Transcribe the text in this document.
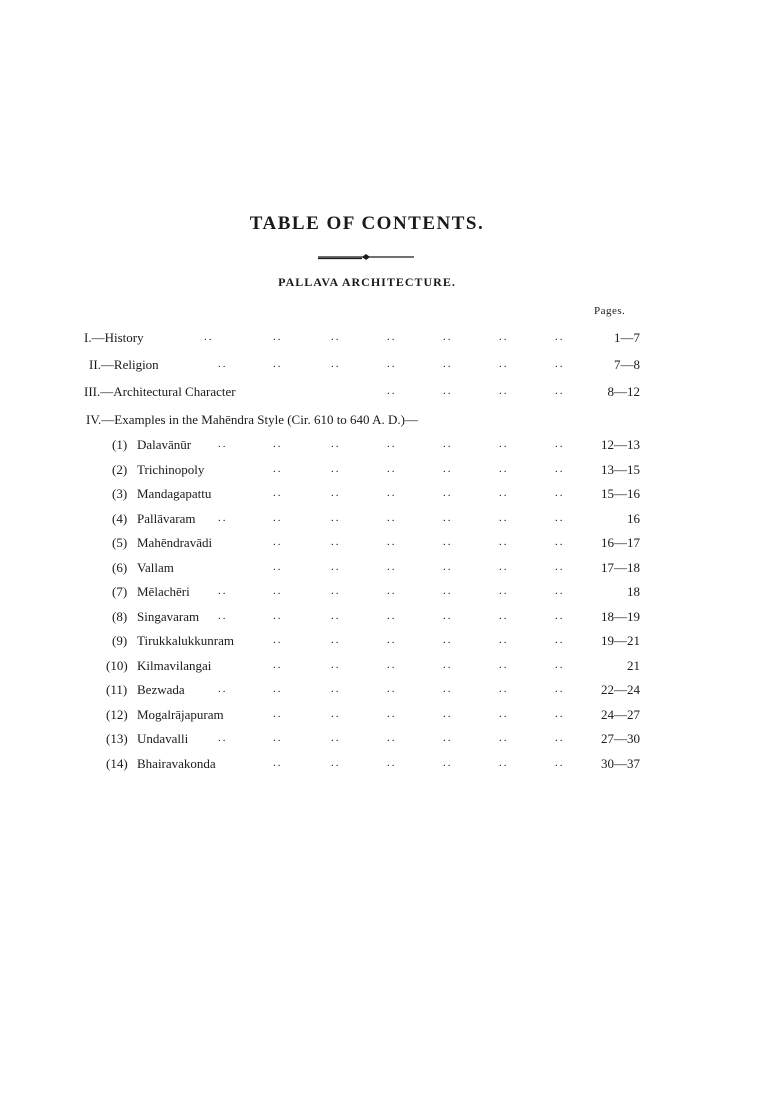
TABLE OF CONTENTS.
PALLAVA ARCHITECTURE.
Pages.
I.—History	..	..	..	..	..	..	..	1—7
II.—Religion	..	..	..	..	..	..	..	7—8
III.—Architectural Character	..	..	..	..	8—12
IV.—Examples in the Mahēndra Style (Cir. 610 to 640 A. D.)—
(1) Dalavānūr ..	..	..	..	..	..	..	12—13
(2) Trichinopoly	..	..	..	..	..	..	13—15
(3) Mandagapattu	..	..	..	..	..	..	15—16
(4) Pallāvaram ..	..	..	..	..	..	..	16
(5) Mahēndravādi	..	..	..	..	..	..	16—17
(6) Vallam	..	..	..	..	..	..	17—18
(7) Mēlachēri	..	..	..	..	..	..	..	18
(8) Singavaram ..	..	..	..	..	..	..	18—19
(9) Tirukkalukkunram	..	..	..	..	..	..	19—21
(10) Kilmavilangai	..	..	..	..	..	..	21
(11) Bezwada	..	..	..	..	..	..	..	22—24
(12) Mogalrājapuram	..	..	..	..	..	..	24—27
(13) Undavalli	..	..	..	..	..	..	..	27—30
(14) Bhairavakonda	..	..	..	..	..	..	30—37
